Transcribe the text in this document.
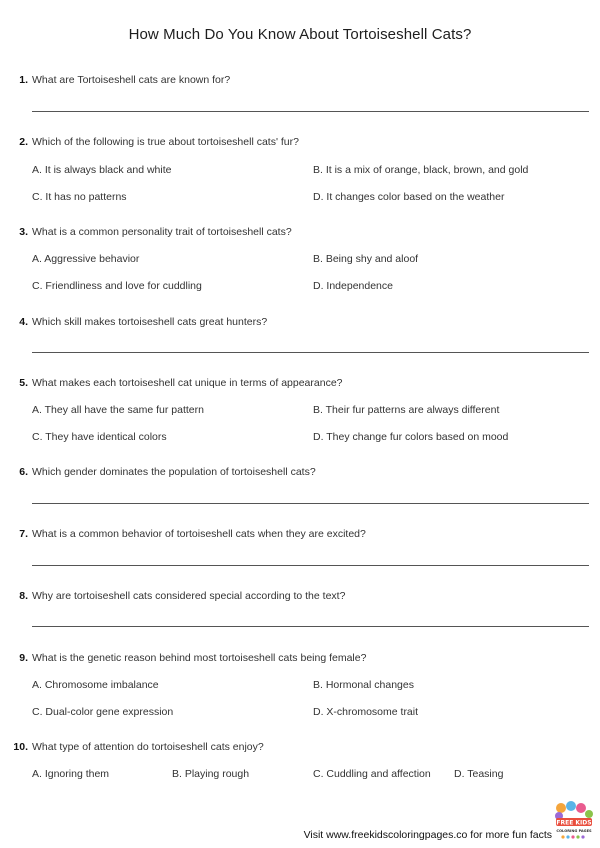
How Much Do You Know About Tortoiseshell Cats?
1. What are Tortoiseshell cats are known for?
2. Which of the following is true about tortoiseshell cats' fur?
A. It is always black and white	B. It is a mix of orange, black, brown, and gold
C. It has no patterns	D. It changes color based on the weather
3. What is a common personality trait of tortoiseshell cats?
A. Aggressive behavior	B. Being shy and aloof
C. Friendliness and love for cuddling	D. Independence
4. Which skill makes tortoiseshell cats great hunters?
5. What makes each tortoiseshell cat unique in terms of appearance?
A. They all have the same fur pattern	B. Their fur patterns are always different
C. They have identical colors	D. They change fur colors based on mood
6. Which gender dominates the population of tortoiseshell cats?
7. What is a common behavior of tortoiseshell cats when they are excited?
8. Why are tortoiseshell cats considered special according to the text?
9. What is the genetic reason behind most tortoiseshell cats being female?
A. Chromosome imbalance	B. Hormonal changes
C. Dual-color gene expression	D. X-chromosome trait
10. What type of attention do tortoiseshell cats enjoy?
A. Ignoring them	B. Playing rough	C. Cuddling and affection D. Teasing
Visit www.freekidscoloringpages.co for more fun facts
FREE KIDS
COLORING PAGES
